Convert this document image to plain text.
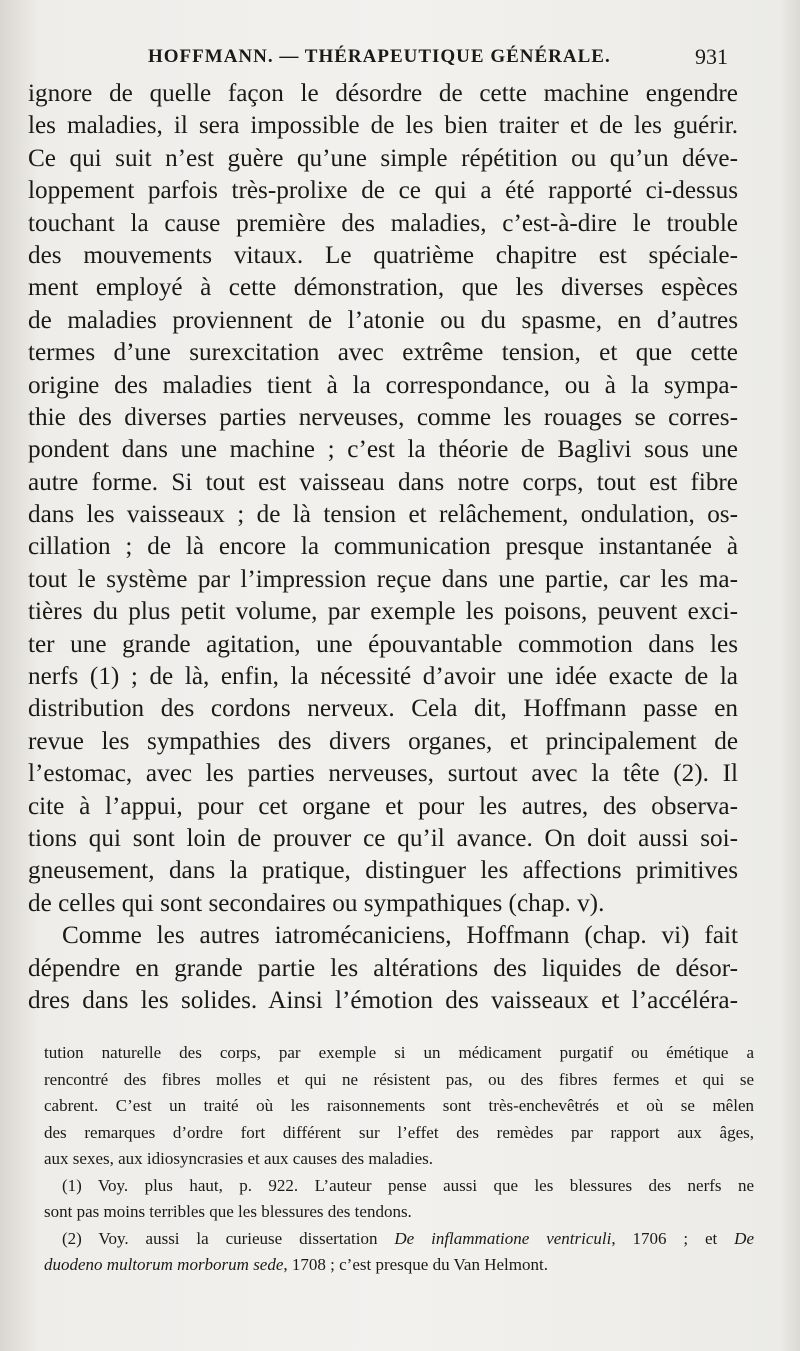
HOFFMANN. — THÉRAPEUTIQUE GÉNÉRALE.	931
ignore de quelle façon le désordre de cette machine engendre
les maladies, il sera impossible de les bien traiter et de les guérir.
Ce qui suit n’est guère qu’une simple répétition ou qu’un déve-
loppement parfois très-prolixe de ce qui a été rapporté ci-dessus
touchant la cause première des maladies, c’est-à-dire le trouble
des mouvements vitaux. Le quatrième chapitre est spéciale-
ment employé à cette démonstration, que les diverses espèces
de maladies proviennent de l’atonie ou du spasme, en d’autres
termes d’une surexcitation avec extrême tension, et que cette
origine des maladies tient à la correspondance, ou à la sympa-
thie des diverses parties nerveuses, comme les rouages se corres-
pondent dans une machine ; c’est la théorie de Baglivi sous une
autre forme. Si tout est vaisseau dans notre corps, tout est fibre
dans les vaisseaux ; de là tension et relâchement, ondulation, os-
cillation ; de là encore la communication presque instantanée à
tout le système par l’impression reçue dans une partie, car les ma-
tières du plus petit volume, par exemple les poisons, peuvent exci-
ter une grande agitation, une épouvantable commotion dans les
nerfs (1) ; de là, enfin, la nécessité d’avoir une idée exacte de la
distribution des cordons nerveux. Cela dit, Hoffmann passe en
revue les sympathies des divers organes, et principalement de
l’estomac, avec les parties nerveuses, surtout avec la tête (2). Il
cite à l’appui, pour cet organe et pour les autres, des observa-
tions qui sont loin de prouver ce qu’il avance. On doit aussi soi-
gneusement, dans la pratique, distinguer les affections primitives
de celles qui sont secondaires ou sympathiques (chap. v).
Comme les autres iatromécaniciens, Hoffmann (chap. vi) fait
dépendre en grande partie les altérations des liquides de désor-
dres dans les solides. Ainsi l’émotion des vaisseaux et l’accéléra-
tution naturelle des corps, par exemple si un médicament purgatif ou émétique a
rencontré des fibres molles et qui ne résistent pas, ou des fibres fermes et qui se
cabrent. C’est un traité où les raisonnements sont très-enchevêtrés et où se mêlen
des remarques d’ordre fort différent sur l’effet des remèdes par rapport aux âges,
aux sexes, aux idiosyncrasies et aux causes des maladies.
(1) Voy. plus haut, p. 922. L’auteur pense aussi que les blessures des nerfs ne
sont pas moins terribles que les blessures des tendons.
(2) Voy. aussi la curieuse dissertation De inflammatione ventriculi, 1706 ; et De
duodeno multorum morborum sede, 1708 ; c’est presque du Van Helmont.
